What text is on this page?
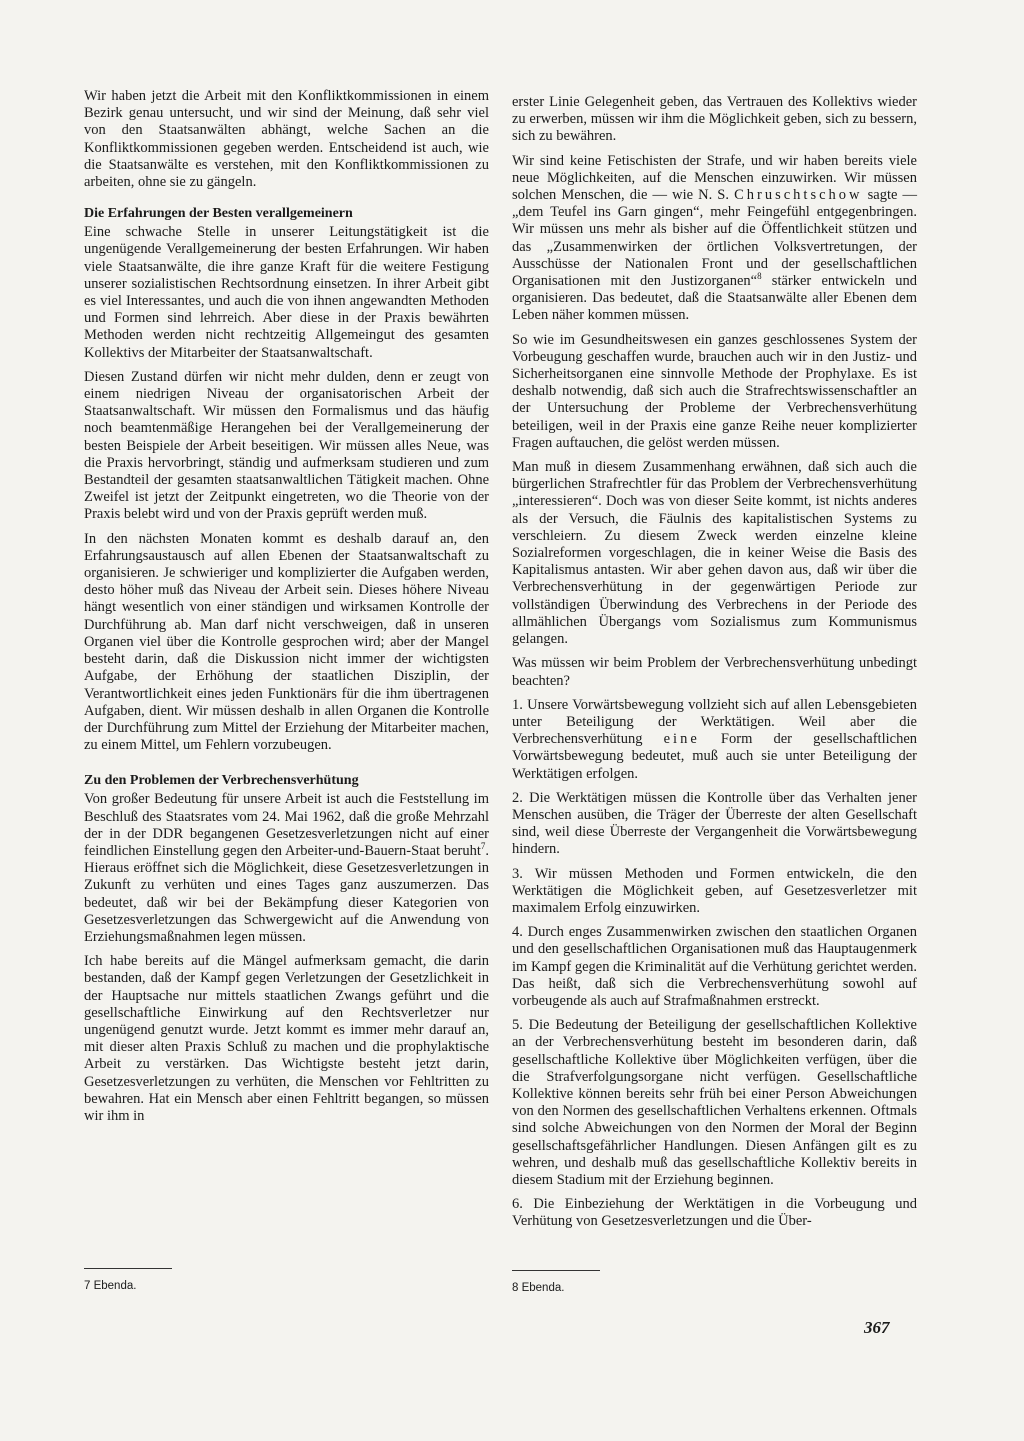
Wir haben jetzt die Arbeit mit den Konfliktkommissionen in einem Bezirk genau untersucht, und wir sind der Meinung, daß sehr viel von den Staatsanwälten abhängt, welche Sachen an die Konfliktkommissionen gegeben werden. Entscheidend ist auch, wie die Staatsanwälte es verstehen, mit den Konfliktkommissionen zu arbeiten, ohne sie zu gängeln.

Die Erfahrungen der Besten verallgemeinern

Eine schwache Stelle in unserer Leitungstätigkeit ist die ungenügende Verallgemeinerung der besten Erfahrungen. Wir haben viele Staatsanwälte, die ihre ganze Kraft für die weitere Festigung unserer sozialistischen Rechtsordnung einsetzen. In ihrer Arbeit gibt es viel Interessantes, und auch die von ihnen angewandten Methoden und Formen sind lehrreich. Aber diese in der Praxis bewährten Methoden werden nicht rechtzeitig Allgemeingut des gesamten Kollektivs der Mitarbeiter der Staatsanwaltschaft.

Diesen Zustand dürfen wir nicht mehr dulden, denn er zeugt von einem niedrigen Niveau der organisatorischen Arbeit der Staatsanwaltschaft. Wir müssen den Formalismus und das häufig noch beamtenmäßige Herangehen bei der Verallgemeinerung der besten Beispiele der Arbeit beseitigen. Wir müssen alles Neue, was die Praxis hervorbringt, ständig und aufmerksam studieren und zum Bestandteil der gesamten staatsanwaltlichen Tätigkeit machen. Ohne Zweifel ist jetzt der Zeitpunkt eingetreten, wo die Theorie von der Praxis belebt wird und von der Praxis geprüft werden muß.

In den nächsten Monaten kommt es deshalb darauf an, den Erfahrungsaustausch auf allen Ebenen der Staatsanwaltschaft zu organisieren. Je schwieriger und komplizierter die Aufgaben werden, desto höher muß das Niveau der Arbeit sein. Dieses höhere Niveau hängt wesentlich von einer ständigen und wirksamen Kontrolle der Durchführung ab. Man darf nicht verschweigen, daß in unseren Organen viel über die Kontrolle gesprochen wird; aber der Mangel besteht darin, daß die Diskussion nicht immer der wichtigsten Aufgabe, der Erhöhung der staatlichen Disziplin, der Verantwortlichkeit eines jeden Funktionärs für die ihm übertragenen Aufgaben, dient. Wir müssen deshalb in allen Organen die Kontrolle der Durchführung zum Mittel der Erziehung der Mitarbeiter machen, zu einem Mittel, um Fehlern vorzubeugen.

Zu den Problemen der Verbrechensverhütung

Von großer Bedeutung für unsere Arbeit ist auch die Feststellung im Beschluß des Staatsrates vom 24. Mai 1962, daß die große Mehrzahl der in der DDR begangenen Gesetzesverletzungen nicht auf einer feindlichen Einstellung gegen den Arbeiter-und-Bauern-Staat beruht$^7$. Hieraus eröffnet sich die Möglichkeit, diese Gesetzesverletzungen in Zukunft zu verhüten und eines Tages ganz auszumerzen. Das bedeutet, daß wir bei der Bekämpfung dieser Kategorien von Gesetzesverletzungen das Schwergewicht auf die Anwendung von Erziehungsmaßnahmen legen müssen.

Ich habe bereits auf die Mängel aufmerksam gemacht, die darin bestanden, daß der Kampf gegen Verletzungen der Gesetzlichkeit in der Hauptsache nur mittels staatlichen Zwangs geführt und die gesellschaftliche Einwirkung auf den Rechtsverletzer nur ungenügend genutzt wurde. Jetzt kommt es immer mehr darauf an, mit dieser alten Praxis Schluß zu machen und die prophylaktische Arbeit zu verstärken. Das Wichtigste besteht jetzt darin, Gesetzesverletzungen zu verhüten, die Menschen vor Fehltritten zu bewahren. Hat ein Mensch aber einen Fehltritt begangen, so müssen wir ihm in

erster Linie Gelegenheit geben, das Vertrauen des Kollektivs wieder zu erwerben, müssen wir ihm die Möglichkeit geben, sich zu bessern, sich zu bewähren.

Wir sind keine Fetischisten der Strafe, und wir haben bereits viele neue Möglichkeiten, auf die Menschen einzuwirken. Wir müssen solchen Menschen, die — wie N. S. Chruschtschow sagte — „dem Teufel ins Garn gingen“, mehr Feingefühl entgegenbringen. Wir müssen uns mehr als bisher auf die Öffentlichkeit stützen und das „Zusammenwirken der örtlichen Volksvertretungen, der Ausschüsse der Nationalen Front und der gesellschaftlichen Organisationen mit den Justizorganen“$^8$ stärker entwickeln und organisieren. Das bedeutet, daß die Staatsanwälte aller Ebenen dem Leben näher kommen müssen.

So wie im Gesundheitswesen ein ganzes geschlossenes System der Vorbeugung geschaffen wurde, brauchen auch wir in den Justiz- und Sicherheitsorganen eine sinnvolle Methode der Prophylaxe. Es ist deshalb notwendig, daß sich auch die Strafrechtswissenschaftler an der Untersuchung der Probleme der Verbrechensverhütung beteiligen, weil in der Praxis eine ganze Reihe neuer komplizierter Fragen auftauchen, die gelöst werden müssen.

Man muß in diesem Zusammenhang erwähnen, daß sich auch die bürgerlichen Strafrechtler für das Problem der Verbrechensverhütung „interessieren“. Doch was von dieser Seite kommt, ist nichts anderes als der Versuch, die Fäulnis des kapitalistischen Systems zu verschleiern. Zu diesem Zweck werden einzelne kleine Sozialreformen vorgeschlagen, die in keiner Weise die Basis des Kapitalismus antasten. Wir aber gehen davon aus, daß wir über die Verbrechensverhütung in der gegenwärtigen Periode zur vollständigen Überwindung des Verbrechens in der Periode des allmählichen Übergangs vom Sozialismus zum Kommunismus gelangen.

Was müssen wir beim Problem der Verbrechensverhütung unbedingt beachten?

1. Unsere Vorwärtsbewegung vollzieht sich auf allen Lebensgebieten unter Beteiligung der Werktätigen. Weil aber die Verbrechensverhütung eine Form der gesellschaftlichen Vorwärtsbewegung bedeutet, muß auch sie unter Beteiligung der Werktätigen erfolgen.

2. Die Werktätigen müssen die Kontrolle über das Verhalten jener Menschen ausüben, die Träger der Überreste der alten Gesellschaft sind, weil diese Überreste der Vergangenheit die Vorwärtsbewegung hindern.

3. Wir müssen Methoden und Formen entwickeln, die den Werktätigen die Möglichkeit geben, auf Gesetzesverletzer mit maximalem Erfolg einzuwirken.

4. Durch enges Zusammenwirken zwischen den staatlichen Organen und den gesellschaftlichen Organisationen muß das Hauptaugenmerk im Kampf gegen die Kriminalität auf die Verhütung gerichtet werden. Das heißt, daß sich die Verbrechensverhütung sowohl auf vorbeugende als auch auf Strafmaßnahmen erstreckt.

5. Die Bedeutung der Beteiligung der gesellschaftlichen Kollektive an der Verbrechensverhütung besteht im besonderen darin, daß gesellschaftliche Kollektive über Möglichkeiten verfügen, über die die Strafverfolgungsorgane nicht verfügen. Gesellschaftliche Kollektive können bereits sehr früh bei einer Person Abweichungen von den Normen des gesellschaftlichen Verhaltens erkennen. Oftmals sind solche Abweichungen von den Normen der Moral der Beginn gesellschaftsgefährlicher Handlungen. Diesen Anfängen gilt es zu wehren, und deshalb muß das gesellschaftliche Kollektiv bereits in diesem Stadium mit der Erziehung beginnen.

6. Die Einbeziehung der Werktätigen in die Vorbeugung und Verhütung von Gesetzesverletzungen und die Über-

7 Ebenda.	8 Ebenda.
367
